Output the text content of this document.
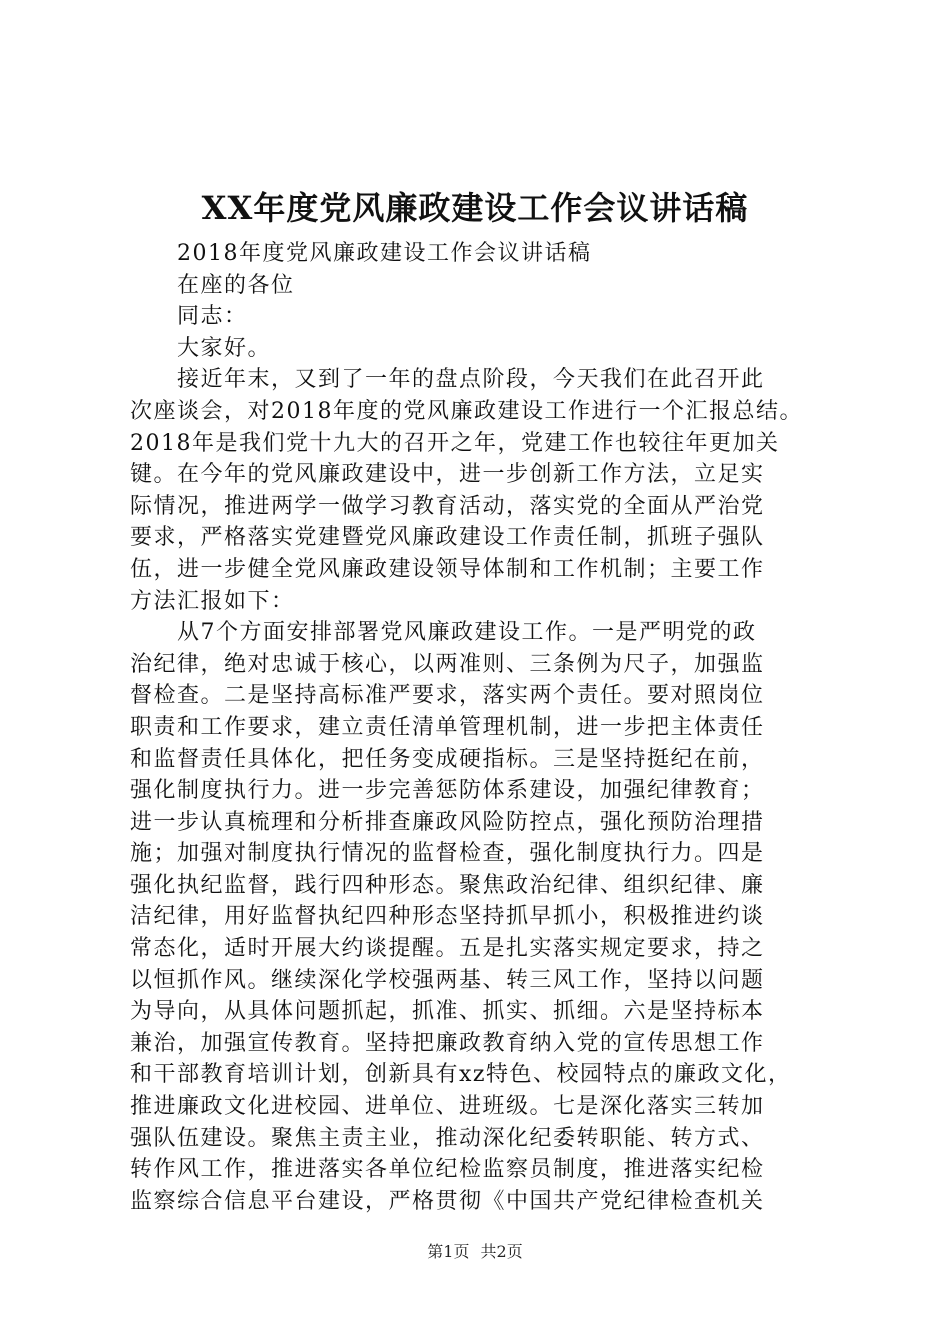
XX年度党风廉政建设工作会议讲话稿
2018年度党风廉政建设工作会议讲话稿
在座的各位
同志：
大家好。
接近年末，又到了一年的盘点阶段，今天我们在此召开此
次座谈会，对2018年度的党风廉政建设工作进行一个汇报总结。
2018年是我们党十九大的召开之年，党建工作也较往年更加关
键。在今年的党风廉政建设中，进一步创新工作方法，立足实
际情况，推进两学一做学习教育活动，落实党的全面从严治党
要求，严格落实党建暨党风廉政建设工作责任制，抓班子强队
伍，进一步健全党风廉政建设领导体制和工作机制；主要工作
方法汇报如下：
从7个方面安排部署党风廉政建设工作。一是严明党的政
治纪律，绝对忠诚于核心，以两准则、三条例为尺子，加强监
督检查。二是坚持高标准严要求，落实两个责任。要对照岗位
职责和工作要求，建立责任清单管理机制，进一步把主体责任
和监督责任具体化，把任务变成硬指标。三是坚持挺纪在前，
强化制度执行力。进一步完善惩防体系建设，加强纪律教育；
进一步认真梳理和分析排查廉政风险防控点，强化预防治理措
施；加强对制度执行情况的监督检查，强化制度执行力。四是
强化执纪监督，践行四种形态。聚焦政治纪律、组织纪律、廉
洁纪律，用好监督执纪四种形态坚持抓早抓小，积极推进约谈
常态化，适时开展大约谈提醒。五是扎实落实规定要求，持之
以恒抓作风。继续深化学校强两基、转三风工作，坚持以问题
为导向，从具体问题抓起，抓准、抓实、抓细。六是坚持标本
兼治，加强宣传教育。坚持把廉政教育纳入党的宣传思想工作
和干部教育培训计划，创新具有xz特色、校园特点的廉政文化，
推进廉政文化进校园、进单位、进班级。七是深化落实三转加
强队伍建设。聚焦主责主业，推动深化纪委转职能、转方式、
转作风工作，推进落实各单位纪检监察员制度，推进落实纪检
监察综合信息平台建设，严格贯彻《中国共产党纪律检查机关
第1页 共2页
